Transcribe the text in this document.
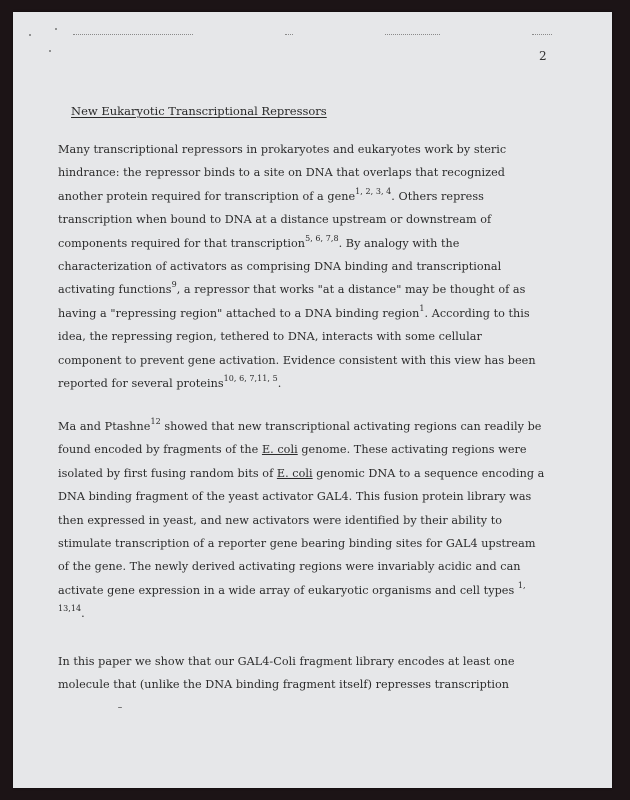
2
New Eukaryotic Transcriptional Repressors
Many transcriptional repressors in prokaryotes and eukaryotes work by steric
hindrance: the repressor binds to a site on DNA that overlaps that recognized
another protein required for transcription of a gene$^{1, 2, 3, 4}$. Others repress
transcription when bound to DNA at a distance upstream or downstream of
components required for that transcription$^{5, 6, 7,8}$. By analogy with the
characterization of activators as comprising DNA binding and transcriptional
activating functions$^9$, a repressor that works "at a distance" may be thought of as
having a "repressing region" attached to a DNA binding region$^1$. According to this
idea, the repressing region, tethered to DNA, interacts with some cellular
component to prevent gene activation. Evidence consistent with this view has been
reported for several proteins$^{10, 6, 7,11, 5}$.
Ma and Ptashne$^{12}$ showed that new transcriptional activating regions can readily be
found encoded by fragments of the E. coli genome. These activating regions were
isolated by first fusing random bits of E. coli genomic DNA to a sequence encoding a
DNA binding fragment of the yeast activator GAL4. This fusion protein library was
then expressed in yeast, and new activators were identified by their ability to
stimulate transcription of a reporter gene bearing binding sites for GAL4 upstream
of the gene. The newly derived activating regions were invariably acidic and can
activate gene expression in a wide array of eukaryotic organisms and cell types $^{1,}$
$^{13,14}$.
In this paper we show that our GAL4-Coli fragment library encodes at least one
molecule that (unlike the DNA binding fragment itself) represses transcription
